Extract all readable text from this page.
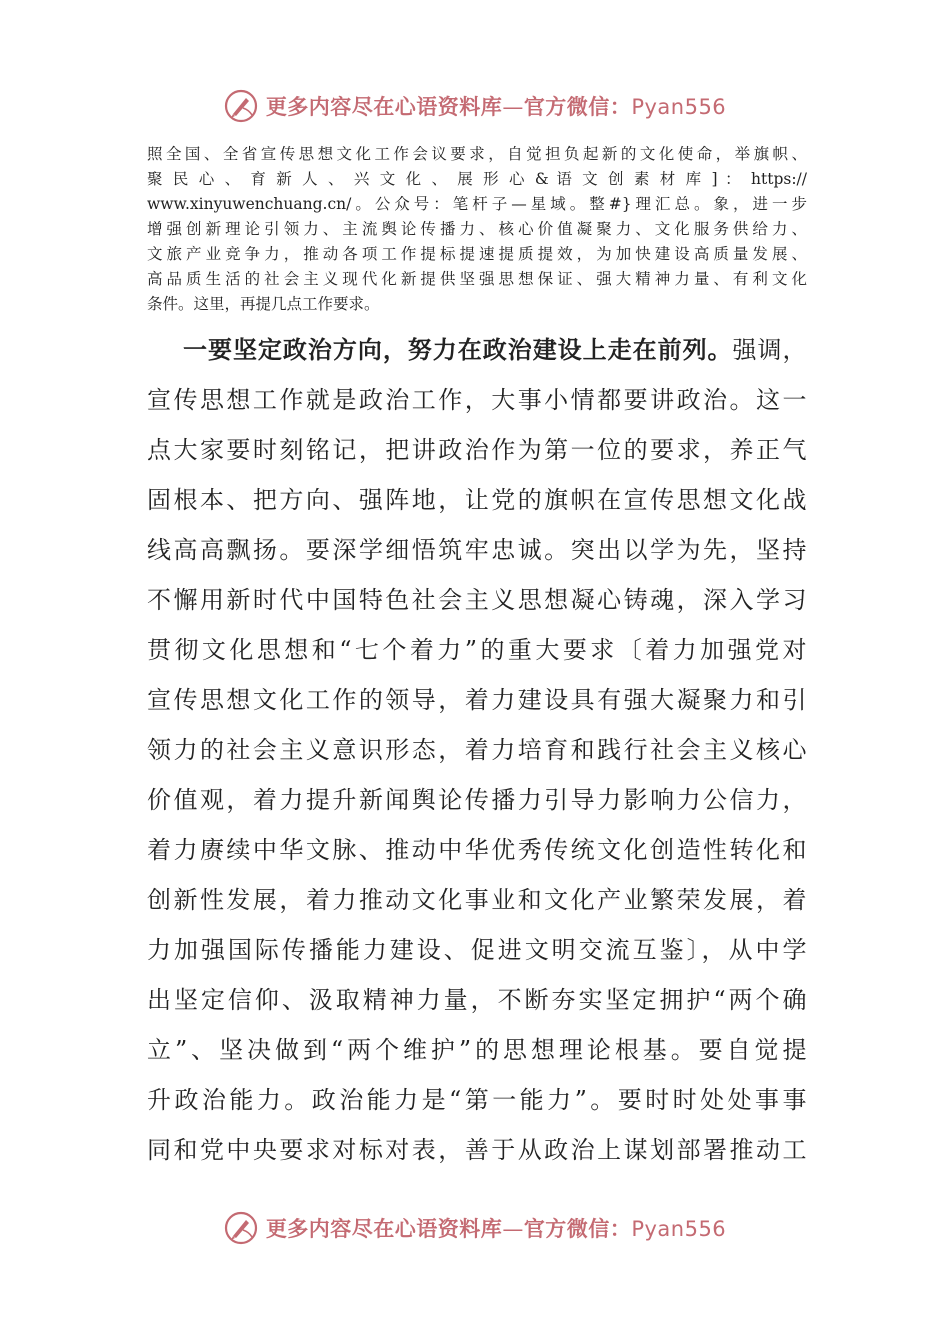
更多内容尽在心语资料库—官方微信：Pyan556
照全国、全省宣传思想文化工作会议要求，自觉担负起新的文化使命，举旗帜、
聚 民 心 、 育 新 人 、 兴 文 化 、 展 形 心 & 语 文 创 素 材 库 ] ： https://
www.xinyuwenchuang.cn/。公众号：笔杆子—星域。整#}理汇总。象，进一步
增强创新理论引领力、主流舆论传播力、核心价值凝聚力、文化服务供给力、
文旅产业竞争力，推动各项工作提标提速提质提效，为加快建设高质量发展、
高品质生活的社会主义现代化新提供坚强思想保证、强大精神力量、有利文化
条件。这里，再提几点工作要求。
一要坚定政治方向，努力在政治建设上走在前列。强调，
宣传思想工作就是政治工作，大事小情都要讲政治。这一
点大家要时刻铭记，把讲政治作为第一位的要求，养正气
固根本、把方向、强阵地，让党的旗帜在宣传思想文化战
线高高飘扬。要深学细悟筑牢忠诚。突出以学为先，坚持
不懈用新时代中国特色社会主义思想凝心铸魂，深入学习
贯彻文化思想和“七个着力”的重大要求〔着力加强党对
宣传思想文化工作的领导，着力建设具有强大凝聚力和引
领力的社会主义意识形态，着力培育和践行社会主义核心
价值观，着力提升新闻舆论传播力引导力影响力公信力，
着力赓续中华文脉、推动中华优秀传统文化创造性转化和
创新性发展，着力推动文化事业和文化产业繁荣发展，着
力加强国际传播能力建设、促进文明交流互鉴〕，从中学
出坚定信仰、汲取精神力量，不断夯实坚定拥护“两个确
立”、坚决做到“两个维护”的思想理论根基。要自觉提
升政治能力。政治能力是“第一能力”。要时时处处事事
同和党中央要求对标对表，善于从政治上谋划部署推动工
更多内容尽在心语资料库—官方微信：Pyan556
